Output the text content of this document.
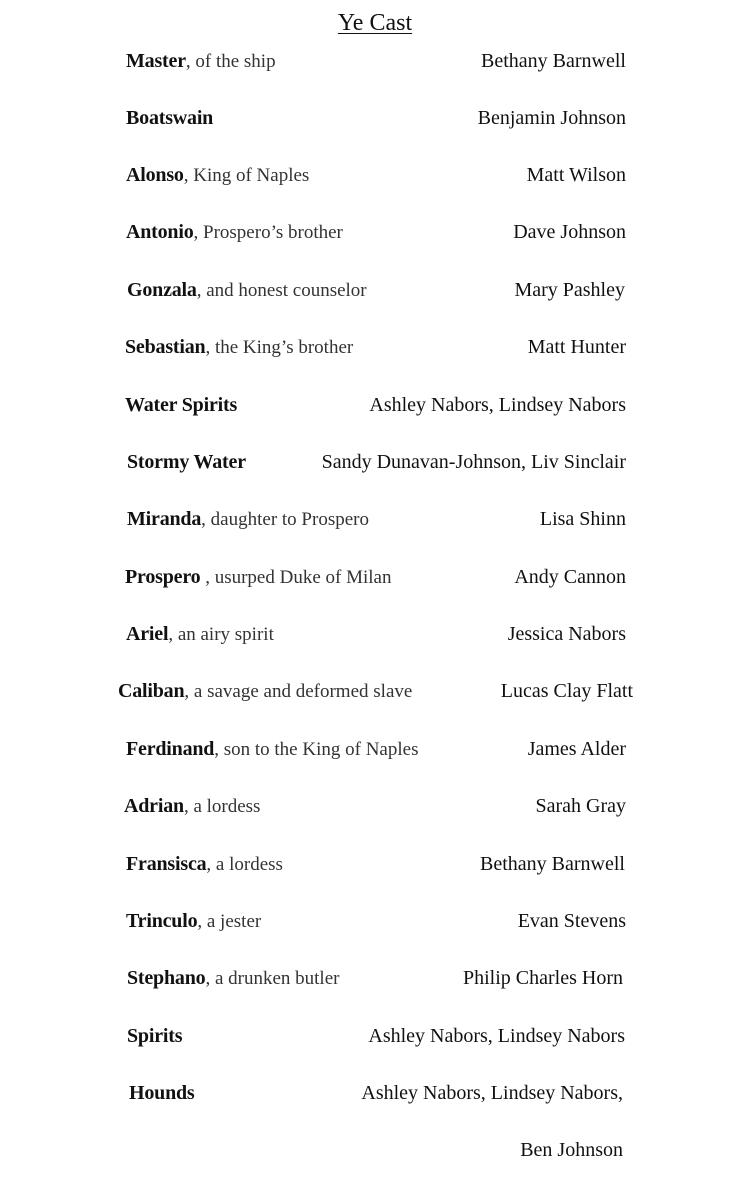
Ye Cast
Master, of the ship	Bethany Barnwell
Boatswain	Benjamin Johnson
Alonso, King of Naples	Matt Wilson
Antonio, Prospero’s brother	Dave Johnson
Gonzala, and honest counselor	Mary Pashley
Sebastian, the King’s brother	Matt Hunter
Water Spirits	Ashley Nabors, Lindsey Nabors
Stormy Water	Sandy Dunavan-Johnson, Liv Sinclair
Miranda, daughter to Prospero	Lisa Shinn
Prospero , usurped Duke of Milan	Andy Cannon
Ariel, an airy spirit	Jessica Nabors
Caliban, a savage and deformed slave	Lucas Clay Flatt
Ferdinand, son to the King of Naples	James Alder
Adrian, a lordess	Sarah Gray
Fransisca, a lordess	Bethany Barnwell
Trinculo, a jester	Evan Stevens
Stephano, a drunken butler	Philip Charles Horn
Spirits	Ashley Nabors, Lindsey Nabors
Hounds	Ashley Nabors, Lindsey Nabors,
Ben Johnson
